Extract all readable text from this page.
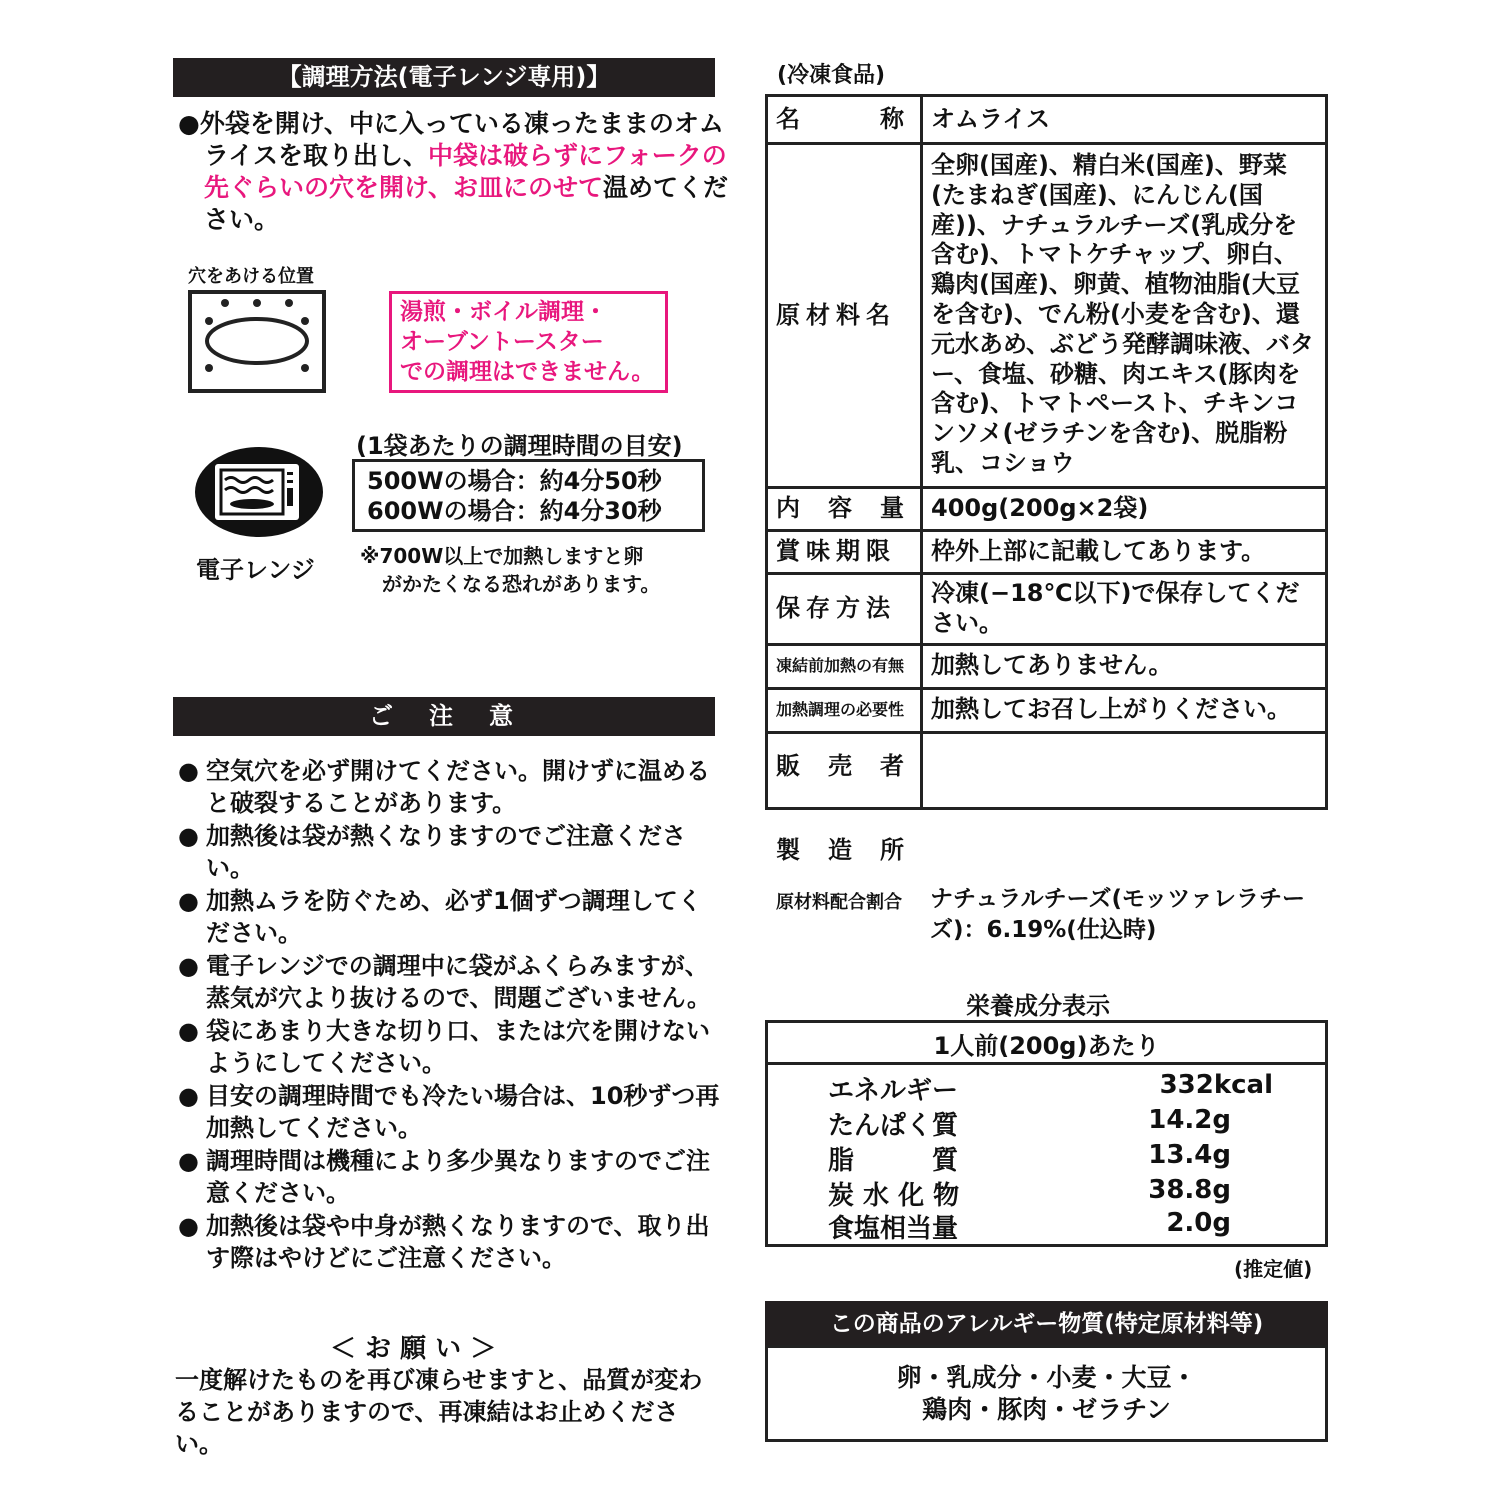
【調理方法(電子レンジ専用)】
●外袋を開け、中に入っている凍ったままのオムライスを取り出し、中袋は破らずにフォークの先ぐらいの穴を開け、お皿にのせて温めてください。
穴をあける位置
湯煎・ボイル調理・
オーブントースター
での調理はできません。
電子レンジ
(1袋あたりの調理時間の目安)
500Wの場合：約4分50秒
600Wの場合：約4分30秒
※700W以上で加熱しますと卵
がかたくなる恐れがあります。
ご　注　意
● 空気穴を必ず開けてください。開けずに温めると破裂することがあります。
● 加熱後は袋が熱くなりますのでご注意ください。
● 加熱ムラを防ぐため、必ず1個ずつ調理してください。
● 電子レンジでの調理中に袋がふくらみますが、蒸気が穴より抜けるので、問題ございません。
● 袋にあまり大きな切り口、または穴を開けないようにしてください。
● 目安の調理時間でも冷たい場合は、10秒ずつ再加熱してください。
● 調理時間は機種により多少異なりますのでご注意ください。
● 加熱後は袋や中身が熱くなりますので、取り出す際はやけどにご注意ください。
＜ お 願 い ＞
一度解けたものを再び凍らせますと、品質が変わることがありますので、再凍結はお止めください。
(冷凍食品)
名　　　称	オムライス
原材料名	全卵(国産)、精白米(国産)、野菜(たまねぎ(国産)、にんじん(国産))、ナチュラルチーズ(乳成分を含む)、トマトケチャップ、卵白、鶏肉(国産)、卵黄、植物油脂(大豆を含む)、でん粉(小麦を含む)、還元水あめ、ぶどう発酵調味液、バター、食塩、砂糖、肉エキス(豚肉を含む)、トマトペースト、チキンコンソメ(ゼラチンを含む)、脱脂粉乳、コショウ
内　容　量	400g(200g×2袋)
賞味期限	枠外上部に記載してあります。
保存方法	冷凍(−18℃以下)で保存してください。
凍結前加熱の有無	加熱してありません。
加熱調理の必要性	加熱してお召し上がりください。
販　売　者	
製　造　所
原材料配合割合 ナチュラルチーズ(モッツァレラチーズ)：6.19%(仕込時)
栄養成分表示
1人前(200g)あたり
エネルギー	332kcal
たんぱく質	14.2g
脂　　　質	13.4g
炭 水 化 物	38.8g
食塩相当量	2.0g
(推定値)
この商品のアレルギー物質(特定原材料等)
卵・乳成分・小麦・大豆・
鶏肉・豚肉・ゼラチン
